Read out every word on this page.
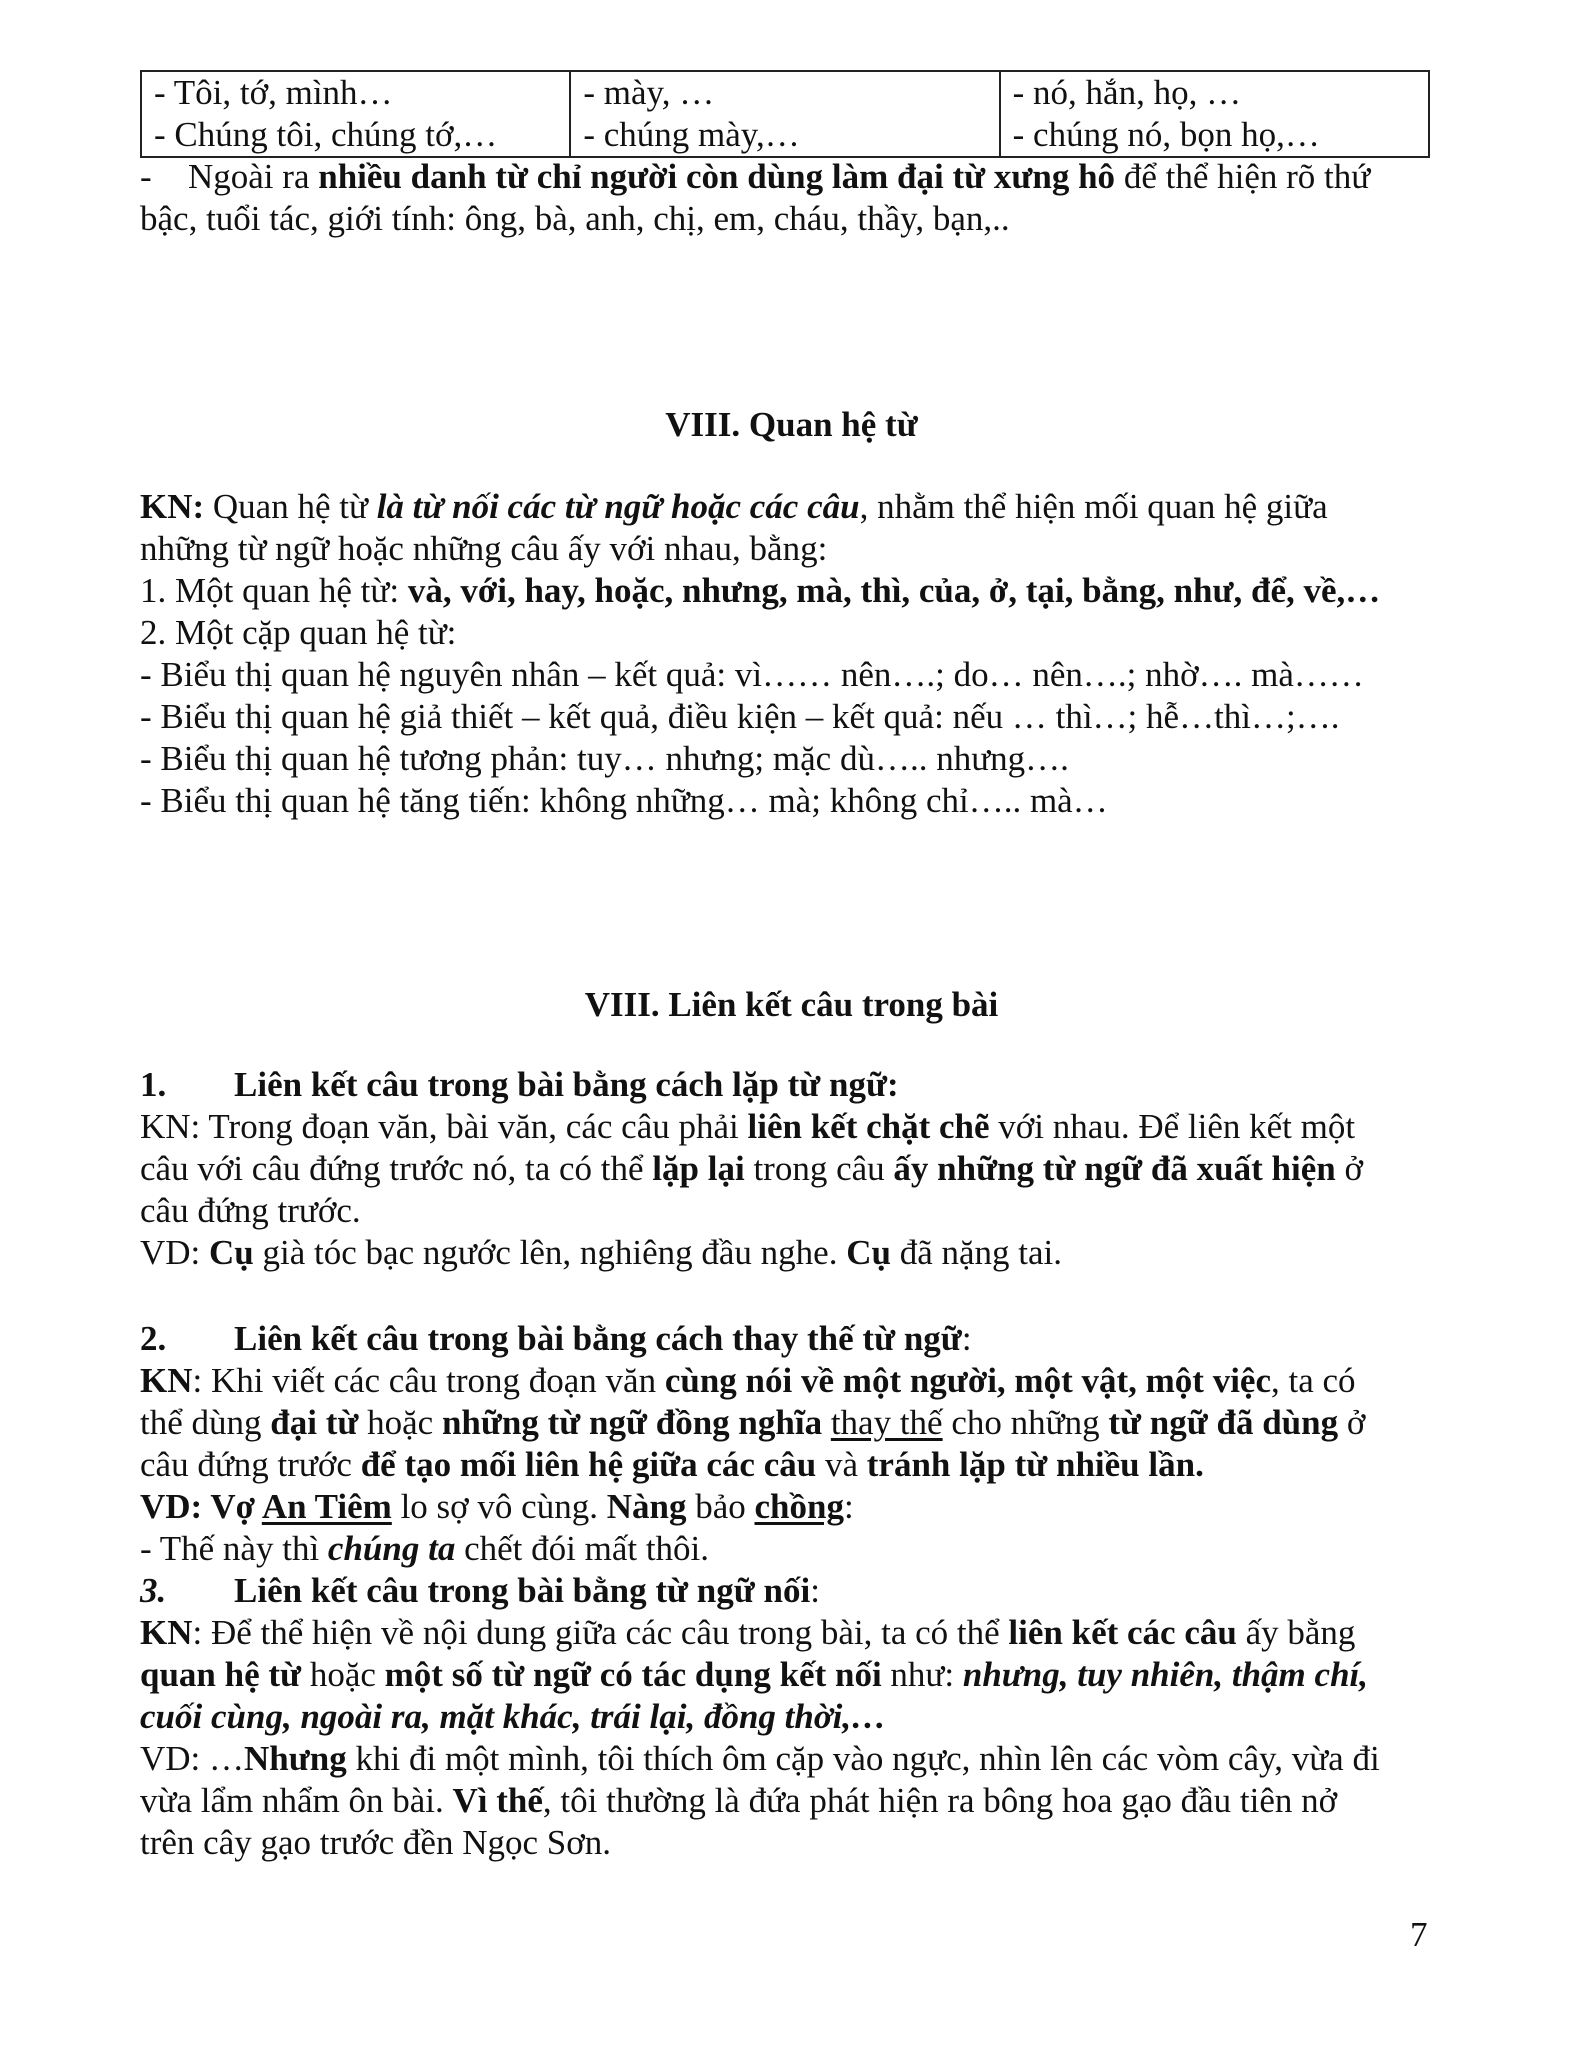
- Tôi, tớ, mình…
- Chúng tôi, chúng tớ,…

- mày, …
- chúng mày,…

- nó, hắn, họ, …
- chúng nó, bọn họ,…
- Ngoài ra nhiều danh từ chỉ người còn dùng làm đại từ xưng hô để thể hiện rõ thứ
bậc, tuổi tác, giới tính: ông, bà, anh, chị, em, cháu, thầy, bạn,..
VIII. Quan hệ từ
KN: Quan hệ từ là từ nối các từ ngữ hoặc các câu, nhằm thể hiện mối quan hệ giữa
những từ ngữ hoặc những câu ấy với nhau, bằng:
1. Một quan hệ từ: và, với, hay, hoặc, nhưng, mà, thì, của, ở, tại, bằng, như, để, về,…
2. Một cặp quan hệ từ:
- Biểu thị quan hệ nguyên nhân – kết quả: vì…… nên….; do… nên….; nhờ…. mà……
- Biểu thị quan hệ giả thiết – kết quả, điều kiện – kết quả: nếu … thì…; hễ…thì…;….
- Biểu thị quan hệ tương phản: tuy… nhưng; mặc dù….. nhưng….
- Biểu thị quan hệ tăng tiến: không những… mà; không chỉ….. mà…
VIII. Liên kết câu trong bài
1. Liên kết câu trong bài bằng cách lặp từ ngữ:
KN: Trong đoạn văn, bài văn, các câu phải liên kết chặt chẽ với nhau. Để liên kết một
câu với câu đứng trước nó, ta có thể lặp lại trong câu ấy những từ ngữ đã xuất hiện ở
câu đứng trước.
VD: Cụ già tóc bạc ngước lên, nghiêng đầu nghe. Cụ đã nặng tai.
2. Liên kết câu trong bài bằng cách thay thế từ ngữ:
KN: Khi viết các câu trong đoạn văn cùng nói về một người, một vật, một việc, ta có
thể dùng đại từ hoặc những từ ngữ đồng nghĩa thay thế cho những từ ngữ đã dùng ở
câu đứng trước để tạo mối liên hệ giữa các câu và tránh lặp từ nhiều lần.
VD: Vợ An Tiêm lo sợ vô cùng. Nàng bảo chồng:
- Thế này thì chúng ta chết đói mất thôi.
3. Liên kết câu trong bài bằng từ ngữ nối:
KN: Để thể hiện về nội dung giữa các câu trong bài, ta có thể liên kết các câu ấy bằng
quan hệ từ hoặc một số từ ngữ có tác dụng kết nối như: nhưng, tuy nhiên, thậm chí,
cuối cùng, ngoài ra, mặt khác, trái lại, đồng thời,…
VD: …Nhưng khi đi một mình, tôi thích ôm cặp vào ngực, nhìn lên các vòm cây, vừa đi
vừa lẩm nhẩm ôn bài. Vì thế, tôi thường là đứa phát hiện ra bông hoa gạo đầu tiên nở
trên cây gạo trước đền Ngọc Sơn.
7
